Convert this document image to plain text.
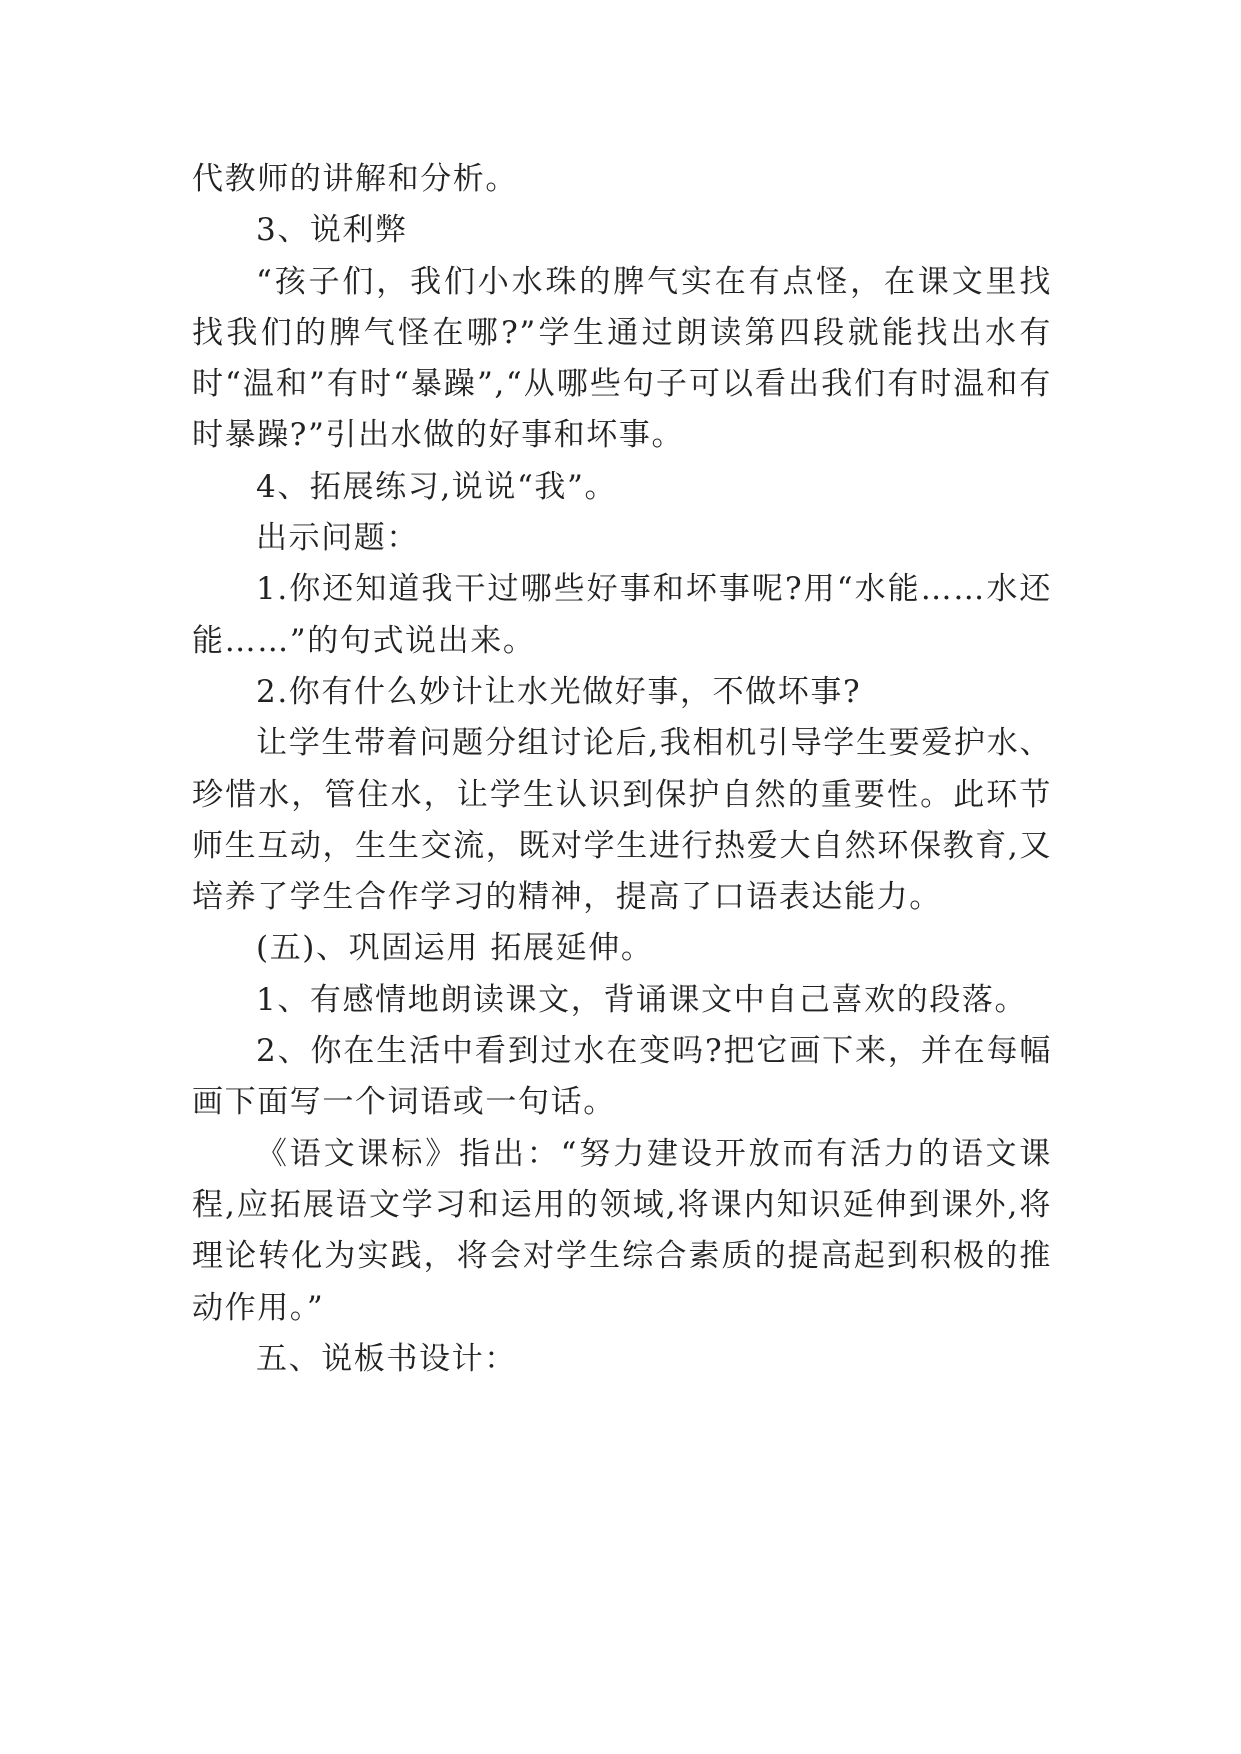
代教师的讲解和分析。

3、说利弊

“孩子们，我们小水珠的脾气实在有点怪，在课文里找找我们的脾气怪在哪?”学生通过朗读第四段就能找出水有时“温和”有时“暴躁”,“从哪些句子可以看出我们有时温和有时暴躁?”引出水做的好事和坏事。

4、拓展练习,说说“我”。

出示问题：

1.你还知道我干过哪些好事和坏事呢?用“水能……水还能……”的句式说出来。

2.你有什么妙计让水光做好事，不做坏事?

让学生带着问题分组讨论后,我相机引导学生要爱护水、珍惜水，管住水，让学生认识到保护自然的重要性。此环节师生互动，生生交流，既对学生进行热爱大自然环保教育,又培养了学生合作学习的精神，提高了口语表达能力。

(五)、巩固运用 拓展延伸。

1、有感情地朗读课文，背诵课文中自己喜欢的段落。

2、你在生活中看到过水在变吗?把它画下来，并在每幅画下面写一个词语或一句话。

《语文课标》指出：“努力建设开放而有活力的语文课程,应拓展语文学习和运用的领域,将课内知识延伸到课外,将理论转化为实践，将会对学生综合素质的提高起到积极的推动作用。”

五、说板书设计：
